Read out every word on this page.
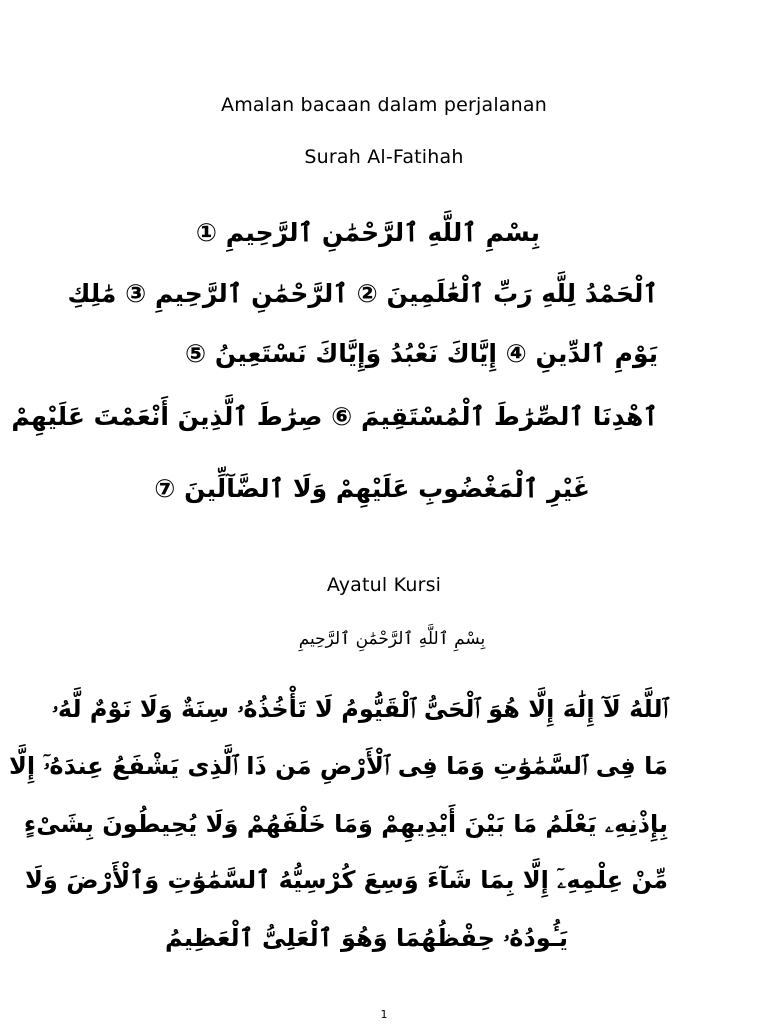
Amalan bacaan dalam perjalanan
Surah Al-Fatihah
بِسْمِ ٱللَّهِ ٱلرَّحْمَٰنِ ٱلرَّحِيمِ ①
ٱلْحَمْدُ لِلَّهِ رَبِّ ٱلْعَٰلَمِينَ ② ٱلرَّحْمَٰنِ ٱلرَّحِيمِ ③ مَٰلِكِ
يَوْمِ ٱلدِّينِ ④ إِيَّاكَ نَعْبُدُ وَإِيَّاكَ نَسْتَعِينُ ⑤
ٱهْدِنَا ٱلصِّرَٰطَ ٱلْمُسْتَقِيمَ ⑥ صِرَٰطَ ٱلَّذِينَ أَنْعَمْتَ عَلَيْهِمْ
غَيْرِ ٱلْمَغْضُوبِ عَلَيْهِمْ وَلَا ٱلضَّآلِّينَ ⑦
Ayatul Kursi
بِسْمِ ٱللَّهِ ٱلرَّحْمَٰنِ ٱلرَّحِيمِ
ٱللَّهُ لَآ إِلَٰهَ إِلَّا هُوَ ٱلْحَىُّ ٱلْقَيُّومُ لَا تَأْخُذُهُۥ سِنَةٌ وَلَا نَوْمٌ لَّهُۥ
مَا فِى ٱلسَّمَٰوَٰتِ وَمَا فِى ٱلْأَرْضِ مَن ذَا ٱلَّذِى يَشْفَعُ عِندَهُۥٓ إِلَّا
بِإِذْنِهِۦ يَعْلَمُ مَا بَيْنَ أَيْدِيهِمْ وَمَا خَلْفَهُمْ وَلَا يُحِيطُونَ بِشَىْءٍ
مِّنْ عِلْمِهِۦٓ إِلَّا بِمَا شَآءَ وَسِعَ كُرْسِيُّهُ ٱلسَّمَٰوَٰتِ وَٱلْأَرْضَ وَلَا
يَـُٔودُهُۥ حِفْظُهُمَا وَهُوَ ٱلْعَلِىُّ ٱلْعَظِيمُ
1
